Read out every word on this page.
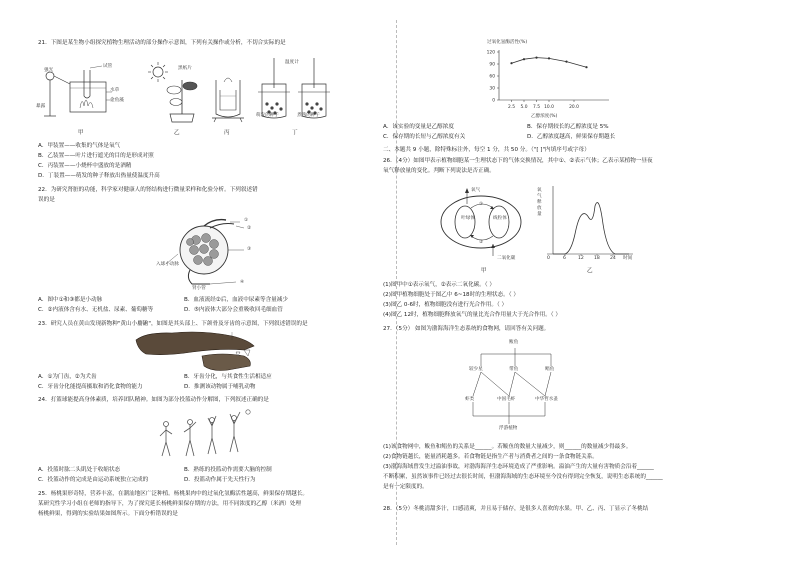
21．下图是某生物小组探究植物生理活动的部分操作示意图，下列有关操作或分析，不切合实际的是
强光
试管
水草
金鱼藻
暴露
黑纸片
温度计
萌发的种子	煮熟的种子
甲	乙	丙	丁
A．甲装置——收集的气体是氧气
B．乙装置——叶片进行遮光的目的是形成对照
C．丙装置——小烧杯中盛放的是酒精
D．丁装置——萌发的种子释放出热量使温度升高
22．为研究肾脏的功能，科学家对健康人的肾结构进行微量采样和化验分析。下列叙述错
误的是
①
②
③
④
入球小动脉
肾小管
A．图中①和③都是小动脉	B．血液流经②后，血液中尿素等含量减少
C．②内液体含有水、无机盐、尿素、葡萄糖等	D．⑤内液体大部分会重吸收回毛细血管
23．研究人员在黄山发现新物种"黄山小麝鼩"，如图是其头部上、下颌骨及牙齿的示意图，下列叙述错误的是
A．①为门齿，②为犬齿	B．牙齿分化，与其食性生活相适应
C．牙齿分化能提高摄取和消化食物的能力	D．推测该动物属于哺乳动物
24．打篮球能提高身体素质，培养团队精神。如图为部分投篮动作分解图，下列叙述正确的是
A．投篮时肱二头肌处于收缩状态	B．熟练的投篮动作需要大脑的控制
C．投篮动作的完成是由运动系统独立完成的	D．投篮动作属于先天性行为
25．杨桃果形奇特，营养丰富，在潮汕地区广泛种植。杨桃果肉中的过氧化氢酶活性越高，鲜果保存期越长。
某研究性学习小组在老师的指导下，为了探究延长杨桃鲜果保存期的方法，用不同浓度的乙醇（米酒）处理
杨桃鲜果，得到的实验结果如图所示。下面分析错误的是
过氧化氢酶活性(%)
0
30
60
90
120
2.5 5.0 7.5 10.0	20.0
乙醇浓度(%)
A．该实验的变量是乙醇浓度	B．保存期较长的乙醇浓度是 5%
C．保存期的长短与乙醇浓度有关	D．乙醇浓度越高，鲜果保存期越长
二、本题共 9 小题，除特殊标注外，每空 1 分，共 50 分。（"[ ]"内填序号或字母）
26．（4分）如图甲表示植物细胞某一生理状态下的气体交换情况，其中①、②表示气体；乙表示某植物一昼夜
氧气释放量的变化。判断下列说法是否正确。
氧气
叶绿体	线粒体
①
②
二氧化碳
甲
氧气释放量
0	6	12 18 24 时间
乙
(1)图甲中①表示氧气，②表示二氧化碳。（ ）
(2)图甲植物细胞处于图乙中 6~18时的生理状态。（ ）
(3)图乙 0-6时，植物细胞没有进行光合作用。（ ）
(4)图乙 12时，植物细胞释放氧气的量比光合作用量大于光合作用。（ ）
27．（5分） 如图为渤海海洋生态系统的食物网，请回答有关问题。
鲅鱼
较少星	带鱼	鲳鱼
虾类	中国毛虾	中华哲水蚤
浮游植物
(1)该食物网中，鲅鱼和鲳鱼的关系是______。若鲅鱼的数量大量减少，则______的数量减少得最多。
(2)食物链越长，能量消耗越多。若食物链是指生产者与消费者之间的一条食物链关系。
(3)渤海海域曾发生过溢油事故，对渤海海洋生态环境造成了严重影响。溢油产生的大量有害物质会沿着______
不断积累，虽然该事件已经过去很长时间，但渤海海域的生态环境至今没有得到完全恢复，说明生态系统的______
是有一定限度的。
28．（5分）冬桃清甜多汁，口感清爽，并且易于储存，是很多人喜欢的水果。甲、乙、丙、丁显示了冬桃结
